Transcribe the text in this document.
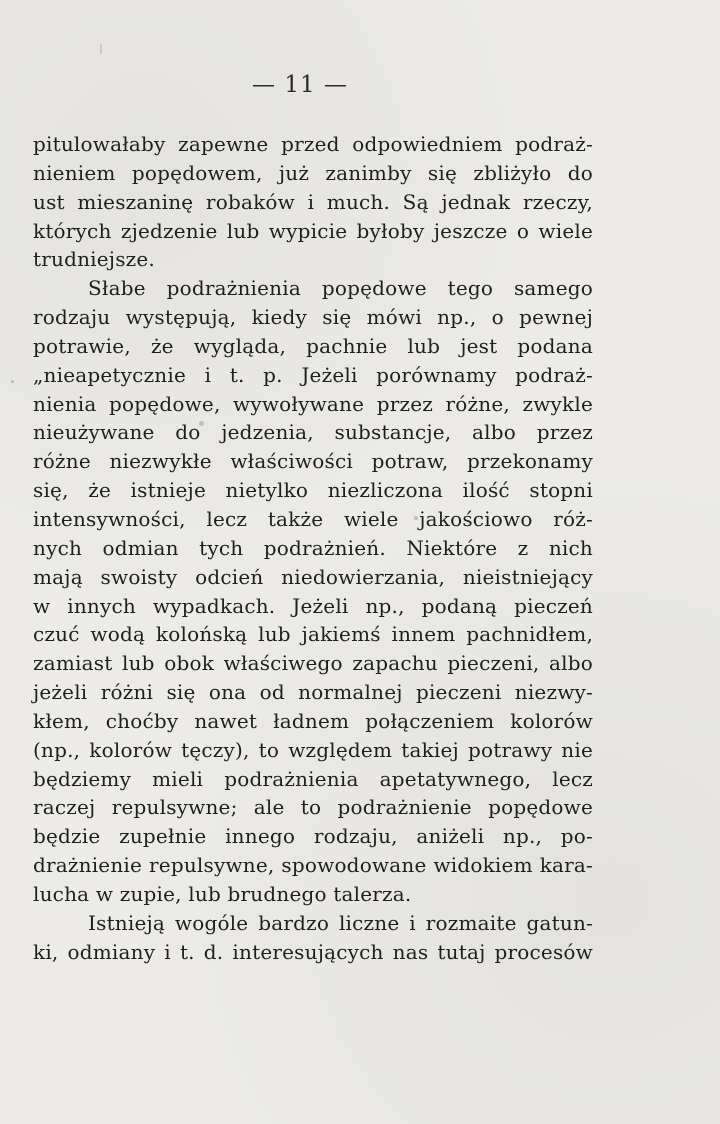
— 11 —
pitulowałaby zapewne przed odpowiedniem podraż-
nieniem popędowem, już zanimby się zbliżyło do
ust mieszaninę robaków i much. Są jednak rzeczy,
których zjedzenie lub wypicie byłoby jeszcze o wiele
trudniejsze.
Słabe podrażnienia popędowe tego samego
rodzaju występują, kiedy się mówi np., o pewnej
potrawie, że wygląda, pachnie lub jest podana
„nieapetycznie i t. p. Jeżeli porównamy podraż-
nienia popędowe, wywoływane przez różne, zwykle
nieużywane do jedzenia, substancje, albo przez
różne niezwykłe właściwości potraw, przekonamy
się, że istnieje nietylko niezliczona ilość stopni
intensywności, lecz także wiele jakościowo róż-
nych odmian tych podrażnień. Niektóre z nich
mają swoisty odcień niedowierzania, nieistniejący
w innych wypadkach. Jeżeli np., podaną pieczeń
czuć wodą kolońską lub jakiemś innem pachnidłem,
zamiast lub obok właściwego zapachu pieczeni, albo
jeżeli różni się ona od normalnej pieczeni niezwy-
kłem, choćby nawet ładnem połączeniem kolorów
(np., kolorów tęczy), to względem takiej potrawy nie
będziemy mieli podrażnienia apetatywnego, lecz
raczej repulsywne; ale to podrażnienie popędowe
będzie zupełnie innego rodzaju, aniżeli np., po-
drażnienie repulsywne, spowodowane widokiem kara-
lucha w zupie, lub brudnego talerza.
Istnieją wogóle bardzo liczne i rozmaite gatun-
ki, odmiany i t. d. interesujących nas tutaj procesów
